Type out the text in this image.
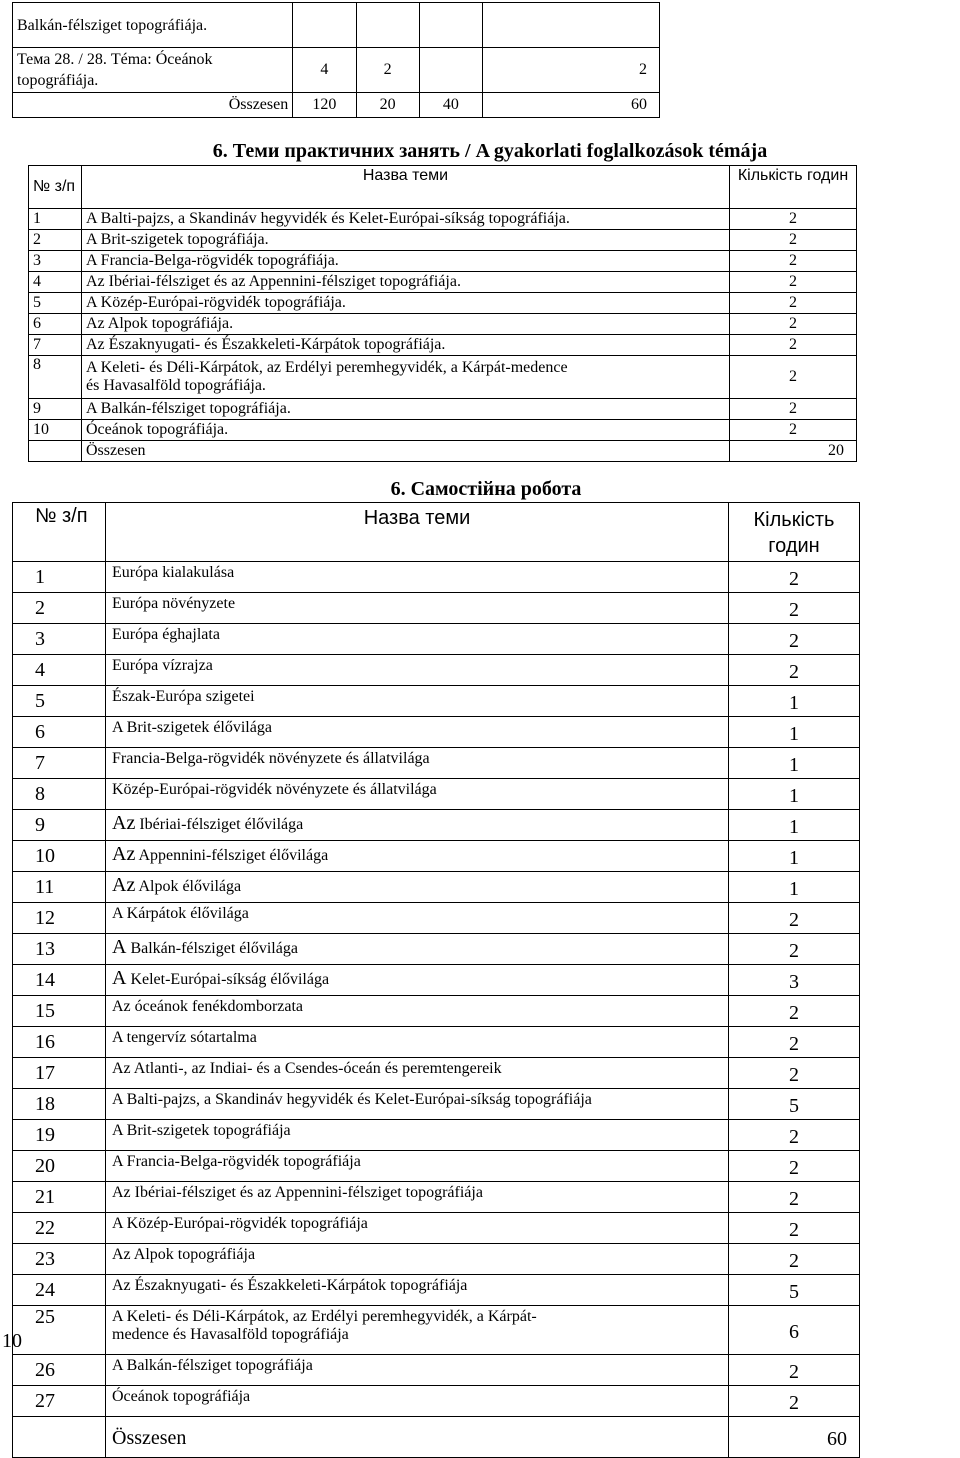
Balkán-félsziget topográfiája.				
Тема 28. / 28. Téma: Óceánok topográfiája.	4	2		2
Összesen	120	20	40	60
6. Теми практичних занять / A gyakorlati foglalkozások témája
№ з/п	Назва теми	Кількість годин
1	A Balti-pajzs, a Skandináv hegyvidék és Kelet-Európai-síkság topográfiája.	2
2	A Brit-szigetek topográfiája.	2
3	A Francia-Belga-rögvidék topográfiája.	2
4	Az Ibériai-félsziget és az Appennini-félsziget topográfiája.	2
5	A Közép-Európai-rögvidék topográfiája.	2
6	Az Alpok topográfiája.	2
7	Az Északnyugati- és Északkeleti-Kárpátok topográfiája.	2
8	A Keleti- és Déli-Kárpátok, az Erdélyi peremhegyvidék, a Kárpát-medence és Havasalföld topográfiája.	2
9	A Balkán-félsziget topográfiája.	2
10	Óceánok topográfiája.	2
	Összesen	20
6. Самостійна робота
№ з/п	Назва теми	Кількість годин
1	Európa kialakulása	2
2	Európa növényzete	2
3	Európa éghajlata	2
4	Európa vízrajza	2
5	Észak-Európa szigetei	1
6	A Brit-szigetek élővilága	1
7	Francia-Belga-rögvidék növényzete és állatvilága	1
8	Közép-Európai-rögvidék növényzete és állatvilága	1
9	Az Ibériai-félsziget élővilága	1
10	Az Appennini-félsziget élővilága	1
11	Az Alpok élővilága	1
12	A Kárpátok élővilága	2
13	A Balkán-félsziget élővilága	2
14	A Kelet-Európai-síkság élővilága	3
15	Az óceánok fenékdomborzata	2
16	A tengervíz sótartalma	2
17	Az Atlanti-, az Indiai- és a Csendes-óceán és peremtengereik	2
18	A Balti-pajzs, a Skandináv hegyvidék és Kelet-Európai-síkság topográfiája	5
19	A Brit-szigetek topográfiája	2
20	A Francia-Belga-rögvidék topográfiája	2
21	Az Ibériai-félsziget és az Appennini-félsziget topográfiája	2
22	A Közép-Európai-rögvidék topográfiája	2
23	Az Alpok topográfiája	2
24	Az Északnyugati- és Északkeleti-Kárpátok topográfiája	5
25	A Keleti- és Déli-Kárpátok, az Erdélyi peremhegyvidék, a Kárpát-medence és Havasalföld topográfiája	6
26	A Balkán-félsziget topográfiája	2
27	Óceánok topográfiája	2
	Összesen	60
10
